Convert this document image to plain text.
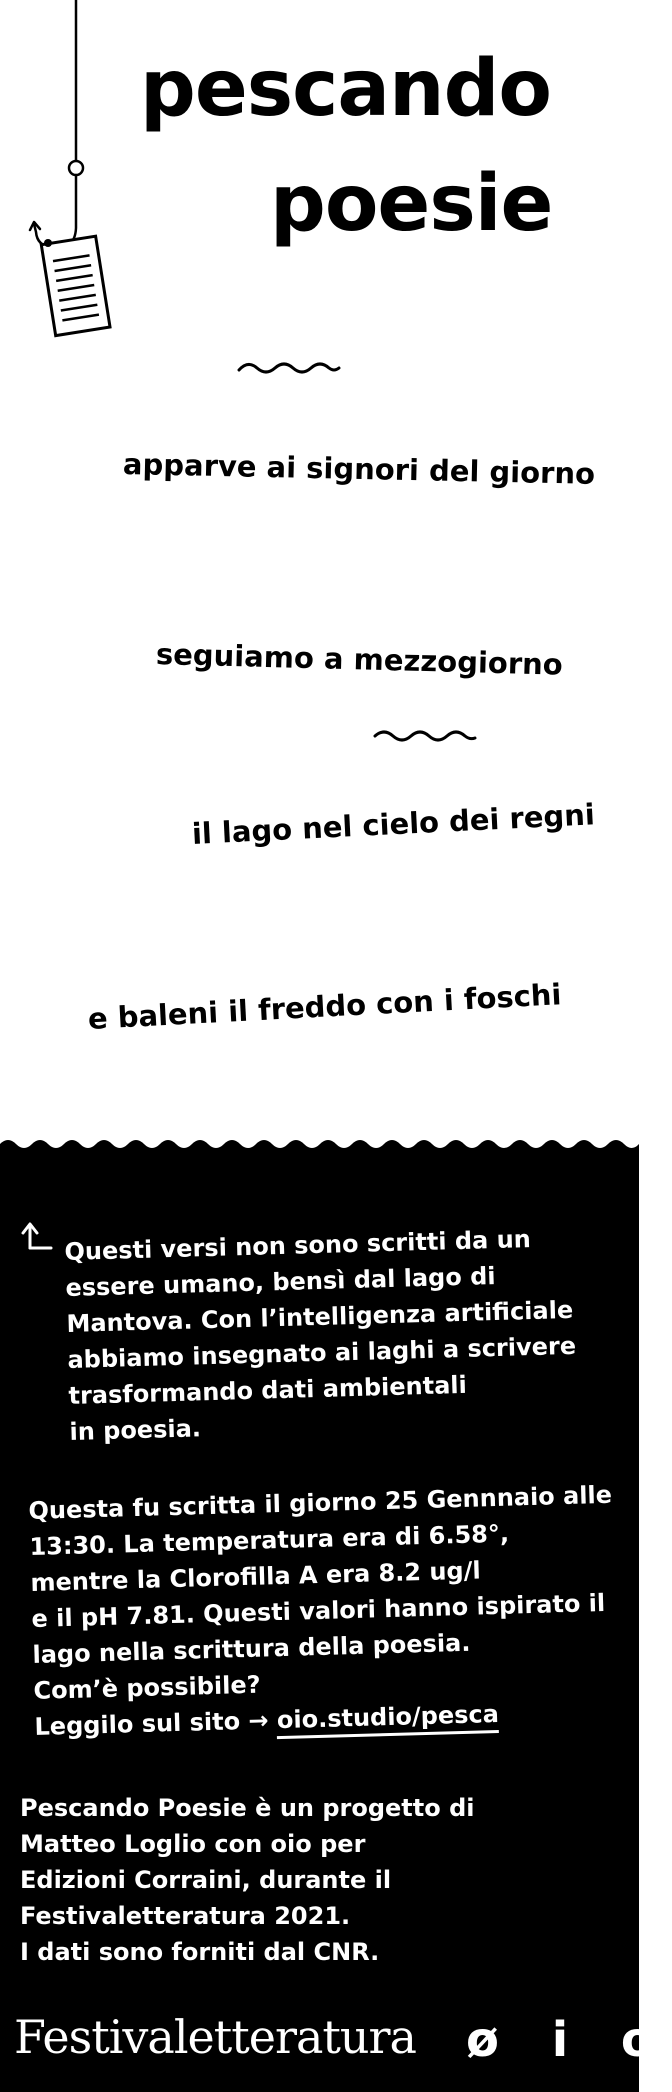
pescando
poesie
apparve ai signori del giorno
seguiamo a mezzogiorno
il lago nel cielo dei regni
e baleni il freddo con i foschi

Questi versi non sono scritti da un
essere umano, bensì dal lago di
Mantova. Con l’intelligenza artificiale
abbiamo insegnato ai laghi a scrivere
trasformando dati ambientali
in poesia.

Questa fu scritta il giorno 25 Gennnaio alle
13:30. La temperatura era di 6.58°,
mentre la Clorofilla A era 8.2 ug/l
e il pH 7.81. Questi valori hanno ispirato il
lago nella scrittura della poesia.
Com’è possibile?
Leggilo sul sito → oio.studio/pesca

Pescando Poesie è un progetto di
Matteo Loglio con oio per
Edizioni Corraini, durante il
Festivaletteratura 2021.
I dati sono forniti dal CNR.

Festivaletteratura ø i o
